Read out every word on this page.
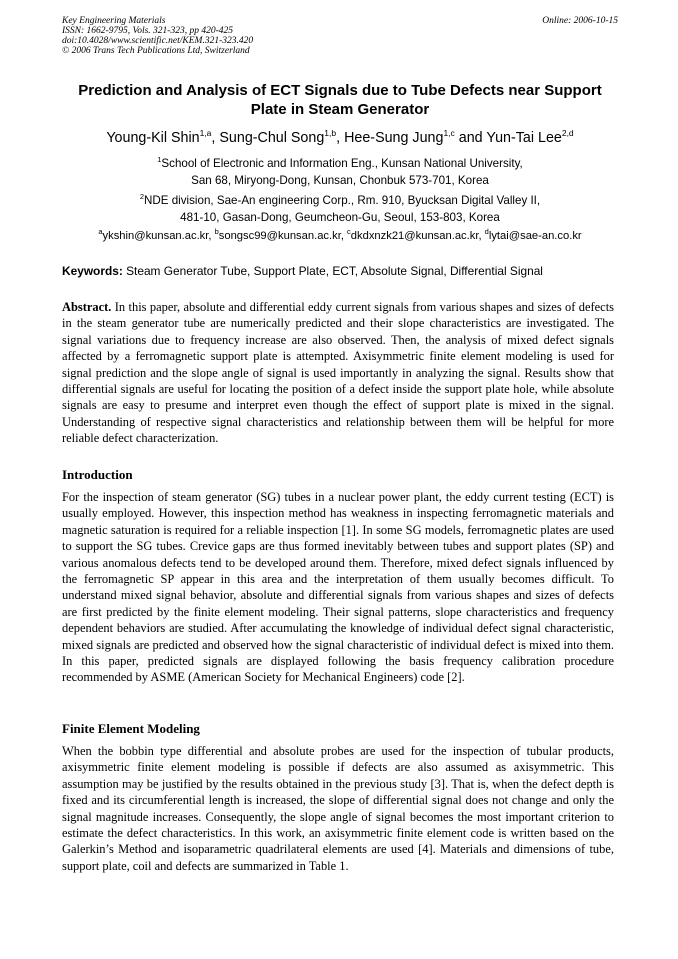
Key Engineering Materials
ISSN: 1662-9795, Vols. 321-323, pp 420-425
doi:10.4028/www.scientific.net/KEM.321-323.420
© 2006 Trans Tech Publications Ltd, Switzerland
Online: 2006-10-15
Prediction and Analysis of ECT Signals due to Tube Defects near Support Plate in Steam Generator
Young-Kil Shin$^{1,a}$, Sung-Chul Song$^{1,b}$, Hee-Sung Jung$^{1,c}$ and Yun-Tai Lee$^{2,d}$
$^1$School of Electronic and Information Eng., Kunsan National University,
San 68, Miryong-Dong, Kunsan, Chonbuk 573-701, Korea
$^2$NDE division, Sae-An engineering Corp., Rm. 910, Byucksan Digital Valley II,
481-10, Gasan-Dong, Geumcheon-Gu, Seoul, 153-803, Korea
$^a$ykshin@kunsan.ac.kr, $^b$songsc99@kunsan.ac.kr, $^c$dkdxnzk21@kunsan.ac.kr, $^d$lytai@sae-an.co.kr
Keywords: Steam Generator Tube, Support Plate, ECT, Absolute Signal, Differential Signal
Abstract. In this paper, absolute and differential eddy current signals from various shapes and sizes of defects in the steam generator tube are numerically predicted and their slope characteristics are investigated. The signal variations due to frequency increase are also observed. Then, the analysis of mixed defect signals affected by a ferromagnetic support plate is attempted. Axisymmetric finite element modeling is used for signal prediction and the slope angle of signal is used importantly in analyzing the signal. Results show that differential signals are useful for locating the position of a defect inside the support plate hole, while absolute signals are easy to presume and interpret even though the effect of support plate is mixed in the signal. Understanding of respective signal characteristics and relationship between them will be helpful for more reliable defect characterization.
Introduction
For the inspection of steam generator (SG) tubes in a nuclear power plant, the eddy current testing (ECT) is usually employed. However, this inspection method has weakness in inspecting ferromagnetic materials and magnetic saturation is required for a reliable inspection [1]. In some SG models, ferromagnetic plates are used to support the SG tubes. Crevice gaps are thus formed inevitably between tubes and support plates (SP) and various anomalous defects tend to be developed around them. Therefore, mixed defect signals influenced by the ferromagnetic SP appear in this area and the interpretation of them usually becomes difficult. To understand mixed signal behavior, absolute and differential signals from various shapes and sizes of defects are first predicted by the finite element modeling. Their signal patterns, slope characteristics and frequency dependent behaviors are studied. After accumulating the knowledge of individual defect signal characteristic, mixed signals are predicted and observed how the signal characteristic of individual defect is mixed into them. In this paper, predicted signals are displayed following the basis frequency calibration procedure recommended by ASME (American Society for Mechanical Engineers) code [2].
Finite Element Modeling
When the bobbin type differential and absolute probes are used for the inspection of tubular products, axisymmetric finite element modeling is possible if defects are also assumed as axisymmetric. This assumption may be justified by the results obtained in the previous study [3]. That is, when the defect depth is fixed and its circumferential length is increased, the slope of differential signal does not change and only the signal magnitude increases. Consequently, the slope angle of signal becomes the most important criterion to estimate the defect characteristics. In this work, an axisymmetric finite element code is written based on the Galerkin’s Method and isoparametric quadrilateral elements are used [4]. Materials and dimensions of tube, support plate, coil and defects are summarized in Table 1.
